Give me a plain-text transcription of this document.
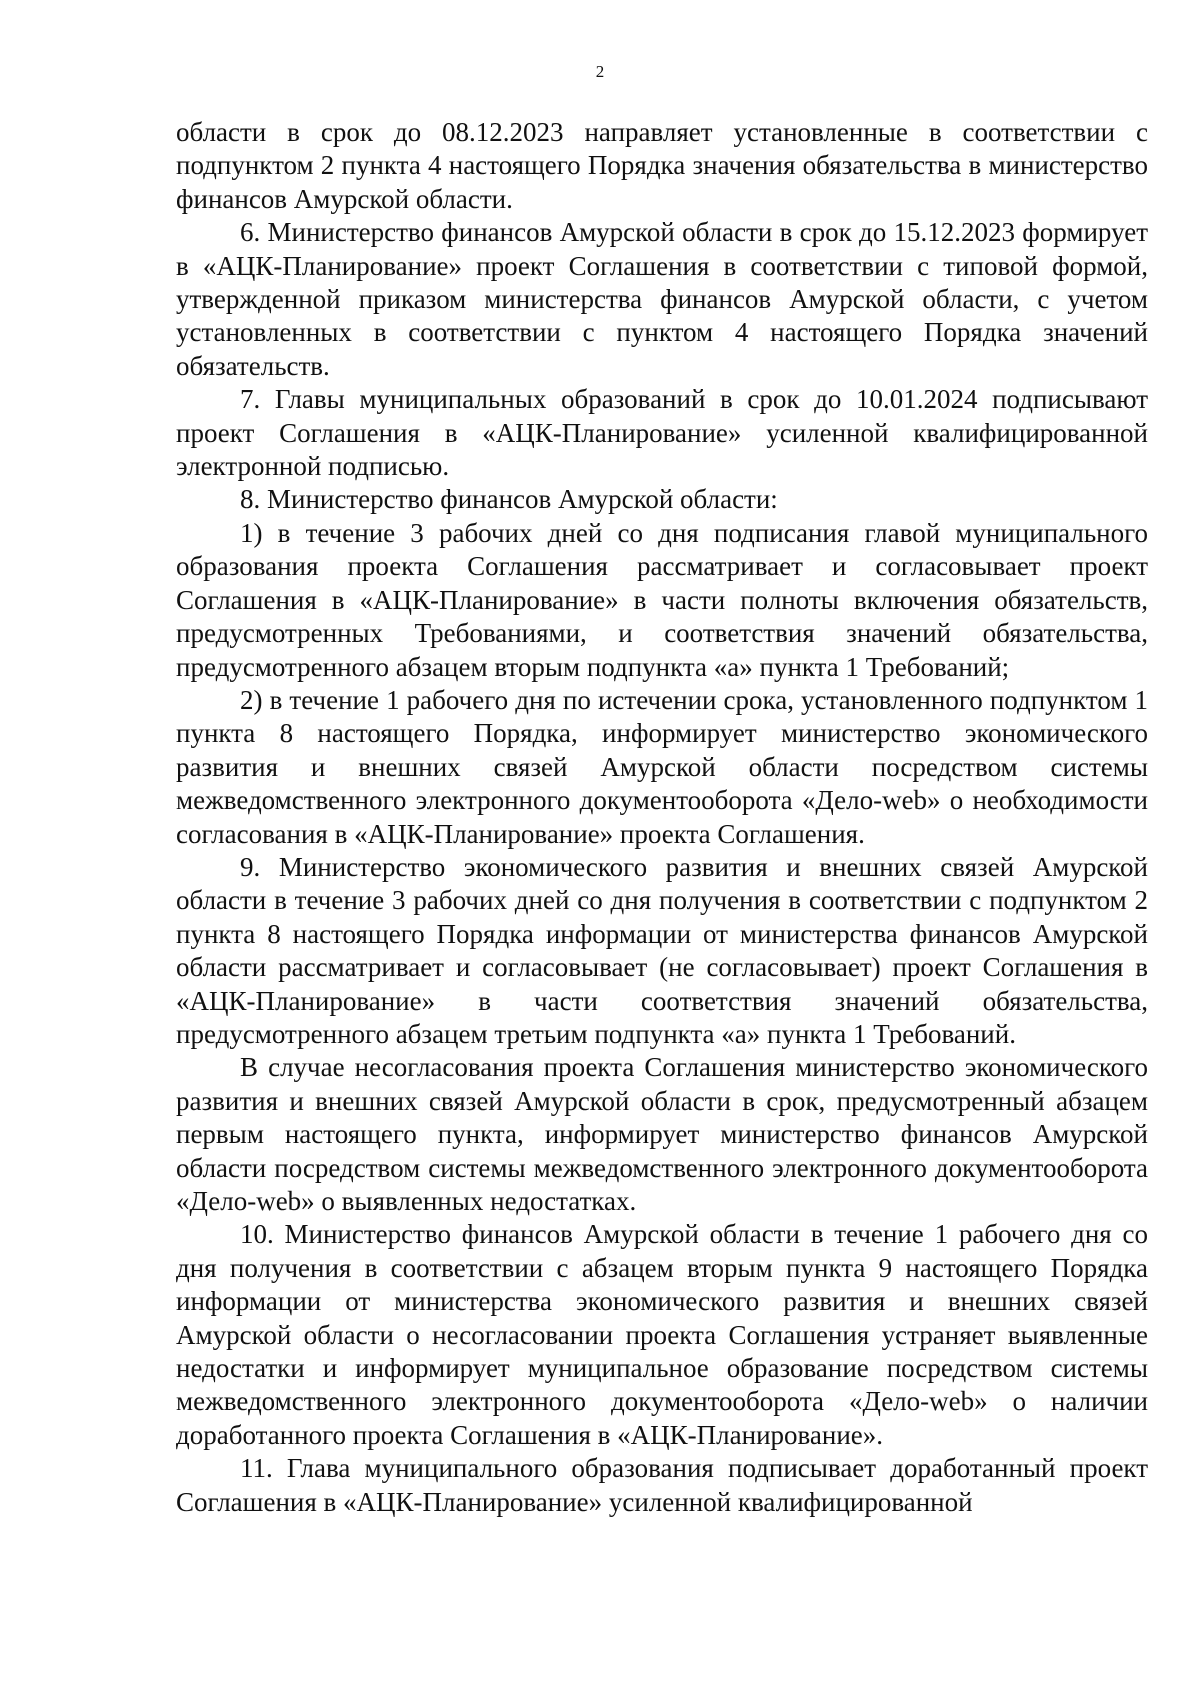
2

области в срок до 08.12.2023 направляет установленные в соответствии с подпунктом 2 пункта 4 настоящего Порядка значения обязательства в министерство финансов Амурской области.

6. Министерство финансов Амурской области в срок до 15.12.2023 формирует в «АЦК-Планирование» проект Соглашения в соответствии с типовой формой, утвержденной приказом министерства финансов Амурской области, с учетом установленных в соответствии с пунктом 4 настоящего Порядка значений обязательств.

7. Главы муниципальных образований в срок до 10.01.2024 подписывают проект Соглашения в «АЦК-Планирование» усиленной квалифицированной электронной подписью.

8. Министерство финансов Амурской области:

1) в течение 3 рабочих дней со дня подписания главой муниципального образования проекта Соглашения рассматривает и согласовывает проект Соглашения в «АЦК-Планирование» в части полноты включения обязательств, предусмотренных Требованиями, и соответствия значений обязательства, предусмотренного абзацем вторым подпункта «а» пункта 1 Требований;

2) в течение 1 рабочего дня по истечении срока, установленного подпунктом 1 пункта 8 настоящего Порядка, информирует министерство экономического развития и внешних связей Амурской области посредством системы межведомственного электронного документооборота «Дело-web» о необходимости согласования в «АЦК-Планирование» проекта Соглашения.

9. Министерство экономического развития и внешних связей Амурской области в течение 3 рабочих дней со дня получения в соответствии с подпунктом 2 пункта 8 настоящего Порядка информации от министерства финансов Амурской области рассматривает и согласовывает (не согласовывает) проект Соглашения в «АЦК-Планирование» в части соответствия значений обязательства, предусмотренного абзацем третьим подпункта «а» пункта 1 Требований.

В случае несогласования проекта Соглашения министерство экономического развития и внешних связей Амурской области в срок, предусмотренный абзацем первым настоящего пункта, информирует министерство финансов Амурской области посредством системы межведомственного электронного документооборота «Дело-web» о выявленных недостатках.

10. Министерство финансов Амурской области в течение 1 рабочего дня со дня получения в соответствии с абзацем вторым пункта 9 настоящего Порядка информации от министерства экономического развития и внешних связей Амурской области о несогласовании проекта Соглашения устраняет выявленные недостатки и информирует муниципальное образование посредством системы межведомственного электронного документооборота «Дело-web» о наличии доработанного проекта Соглашения в «АЦК-Планирование».

11. Глава муниципального образования подписывает доработанный проект Соглашения в «АЦК-Планирование» усиленной квалифицированной
